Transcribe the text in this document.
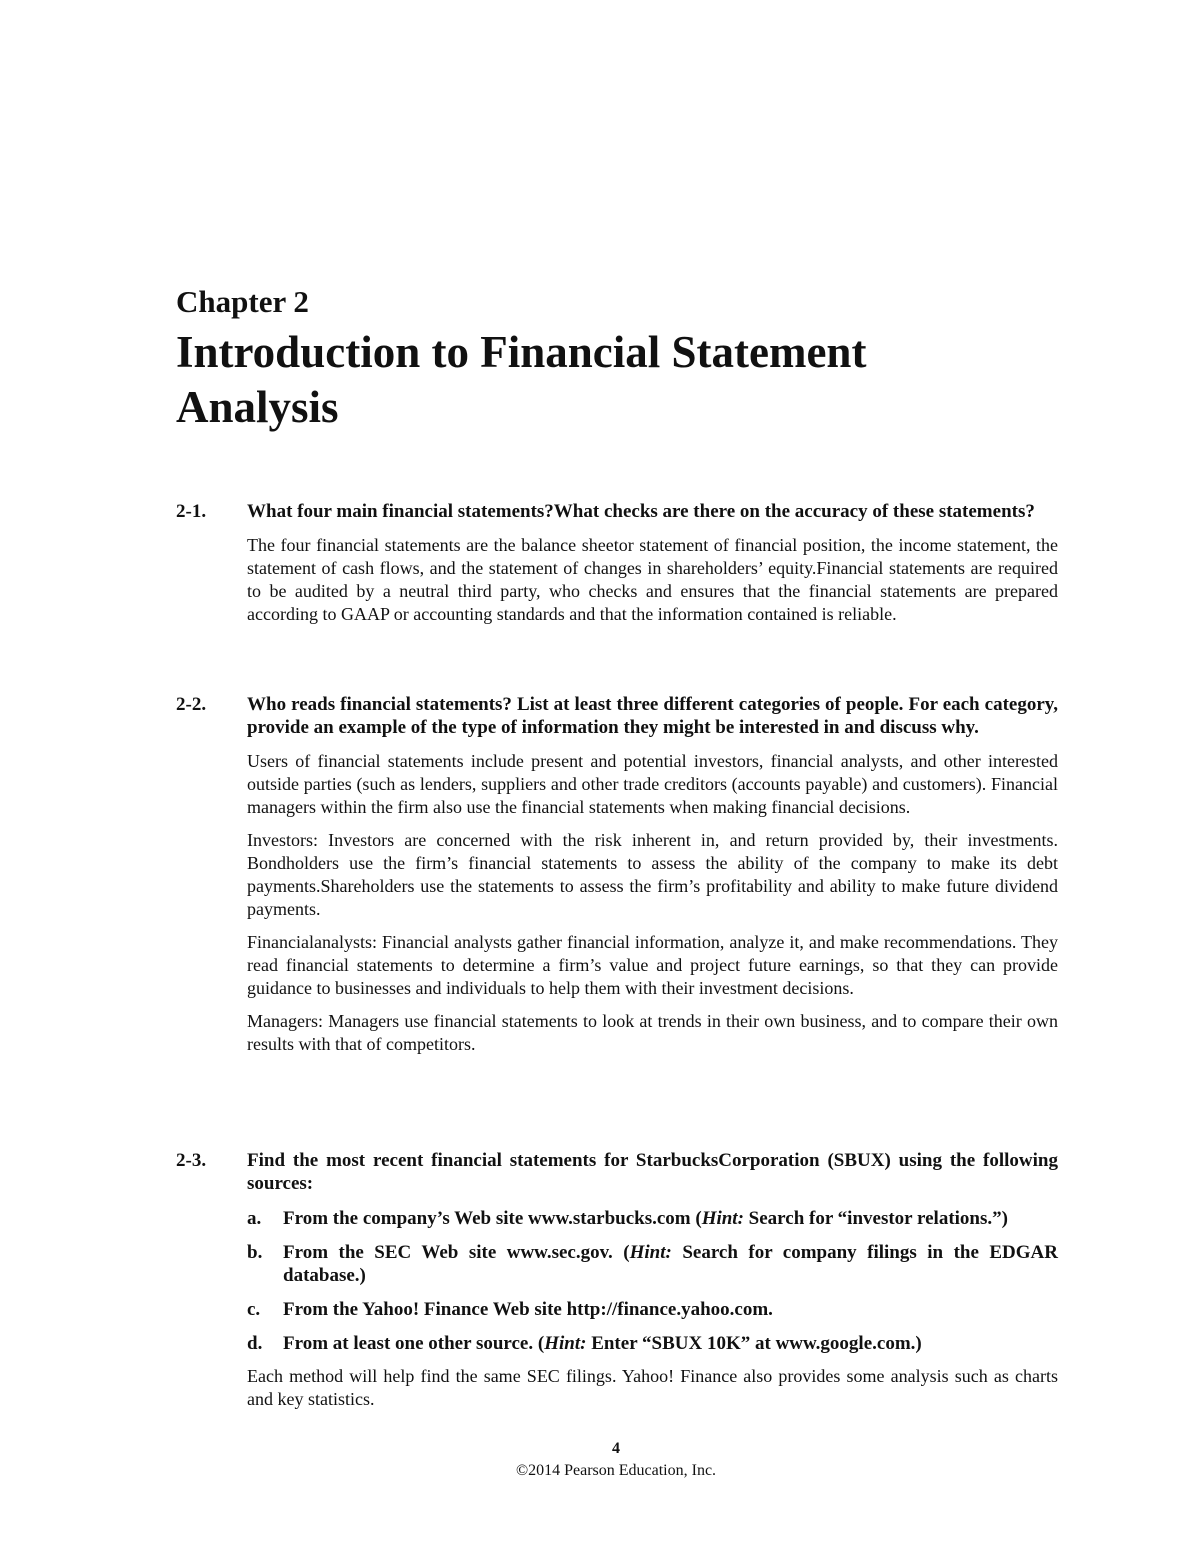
Chapter 2
Introduction to Financial Statement Analysis
2-1. What four main financial statements?What checks are there on the accuracy of these statements?
The four financial statements are the balance sheetor statement of financial position, the income statement, the statement of cash flows, and the statement of changes in shareholders’ equity.Financial statements are required to be audited by a neutral third party, who checks and ensures that the financial statements are prepared according to GAAP or accounting standards and that the information contained is reliable.
2-2. Who reads financial statements? List at least three different categories of people. For each category, provide an example of the type of information they might be interested in and discuss why.
Users of financial statements include present and potential investors, financial analysts, and other interested outside parties (such as lenders, suppliers and other trade creditors (accounts payable) and customers). Financial managers within the firm also use the financial statements when making financial decisions.
Investors: Investors are concerned with the risk inherent in, and return provided by, their investments. Bondholders use the firm’s financial statements to assess the ability of the company to make its debt payments.Shareholders use the statements to assess the firm’s profitability and ability to make future dividend payments.
Financialanalysts: Financial analysts gather financial information, analyze it, and make recommendations. They read financial statements to determine a firm’s value and project future earnings, so that they can provide guidance to businesses and individuals to help them with their investment decisions.
Managers: Managers use financial statements to look at trends in their own business, and to compare their own results with that of competitors.
2-3. Find the most recent financial statements for StarbucksCorporation (SBUX) using the following sources:
a. From the company’s Web site www.starbucks.com (Hint: Search for “investor relations.”)
b. From the SEC Web site www.sec.gov. (Hint: Search for company filings in the EDGAR database.)
c. From the Yahoo! Finance Web site http://finance.yahoo.com.
d. From at least one other source. (Hint: Enter “SBUX 10K” at www.google.com.)
Each method will help find the same SEC filings. Yahoo! Finance also provides some analysis such as charts and key statistics.
4
©2014 Pearson Education, Inc.
